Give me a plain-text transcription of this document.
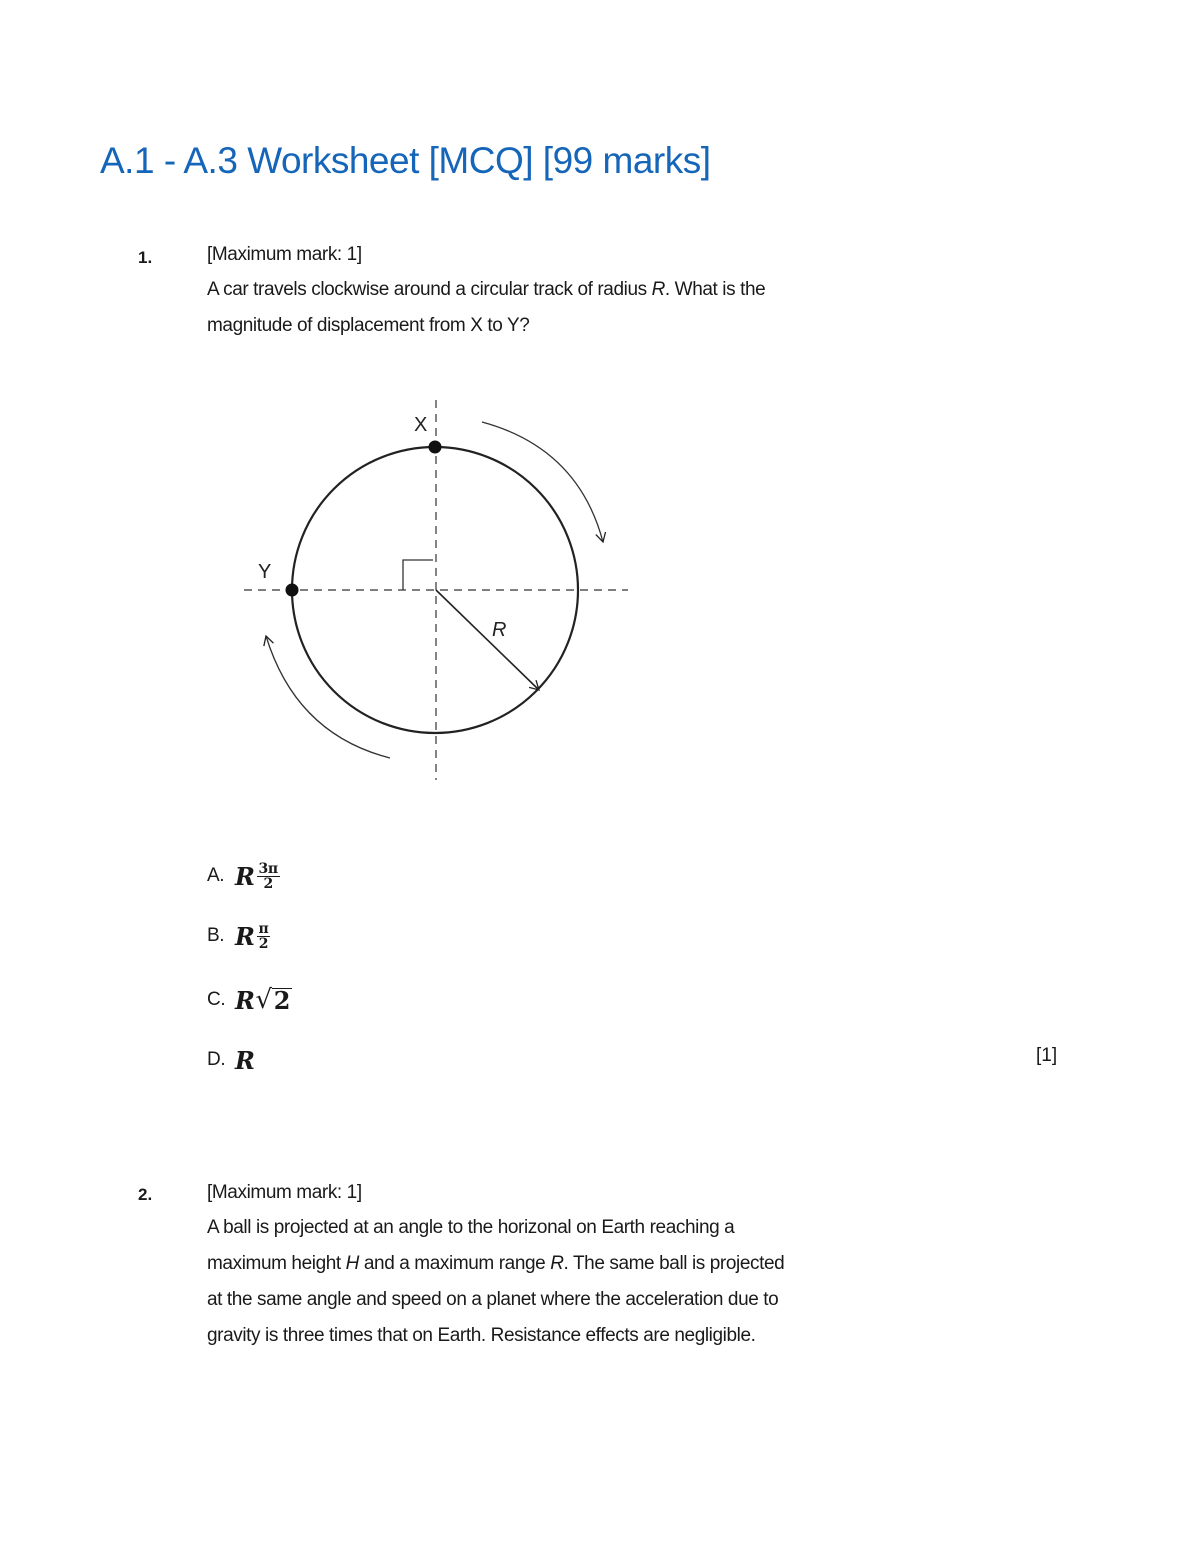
A.1 - A.3 Worksheet [MCQ] [99 marks]
1.	[Maximum mark: 1]

A car travels clockwise around a circular track of radius R. What is the

magnitude of displacement from X to Y?

X
Y
R
A. R $\frac{3\pi}{2}$
B. R $\frac{\pi}{2}$
C. R √ 2
D. R	[1]
2.	[Maximum mark: 1]

A ball is projected at an angle to the horizonal on Earth reaching a

maximum height H and a maximum range R. The same ball is projected

at the same angle and speed on a planet where the acceleration due to

gravity is three times that on Earth. Resistance effects are negligible.
